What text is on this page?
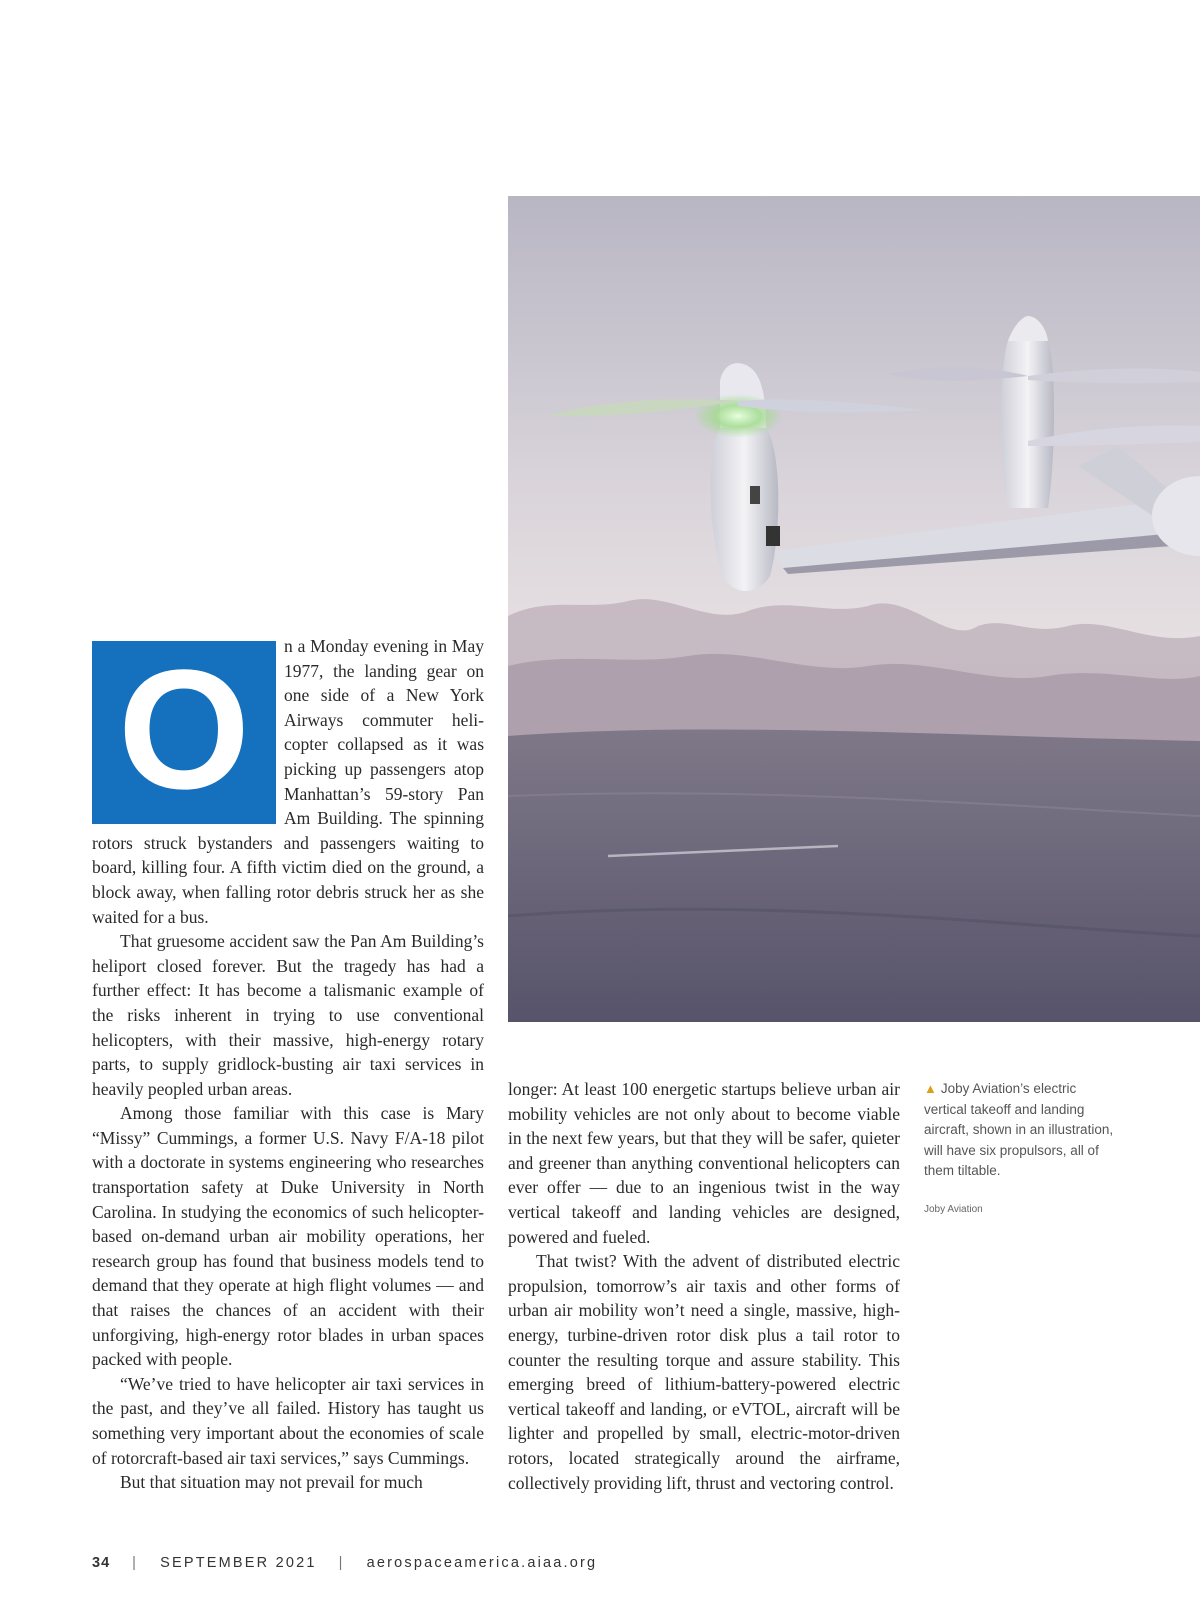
O	n a Monday evening in May 1977, the landing gear on one side of a New York Airways commuter helicopter collapsed as it was picking up passengers atop Manhattan’s 59-story Pan Am Building. The spinning rotors struck bystanders and passengers waiting to board, killing four. A fifth victim died on the ground, a block away, when falling rotor debris struck her as she waited for a bus.

That gruesome accident saw the Pan Am Building’s heliport closed forever. But the tragedy has had a further effect: It has become a talismanic example of the risks inherent in trying to use conventional helicopters, with their massive, high-energy rotary parts, to supply gridlock-busting air taxi services in heavily peopled urban areas.

Among those familiar with this case is Mary “Missy” Cummings, a former U.S. Navy F/A-18 pilot with a doctorate in systems engineering who researches transportation safety at Duke University in North Carolina. In studying the economics of such helicopter-based on-demand urban air mobility operations, her research group has found that business models tend to demand that they operate at high flight volumes — and that raises the chances of an accident with their unforgiving, high-energy rotor blades in urban spaces packed with people.

“We’ve tried to have helicopter air taxi services in the past, and they’ve all failed. History has taught us something very important about the economies of scale of rotorcraft-based air taxi services,” says Cummings.

But that situation may not prevail for much

longer: At least 100 energetic startups believe urban air mobility vehicles are not only about to become viable in the next few years, but that they will be safer, quieter and greener than anything conventional helicopters can ever offer — due to an ingenious twist in the way vertical takeoff and landing vehicles are designed, powered and fueled.

That twist? With the advent of distributed electric propulsion, tomorrow’s air taxis and other forms of urban air mobility won’t need a single, massive, high-energy, turbine-driven rotor disk plus a tail rotor to counter the resulting torque and assure stability. This emerging breed of lithium-battery-powered electric vertical takeoff and landing, or eVTOL, aircraft will be lighter and propelled by small, electric-motor-driven rotors, located strategically around the airframe, collectively providing lift, thrust and vectoring control.

▲ Joby Aviation’s electric vertical takeoff and landing aircraft, shown in an illustration, will have six propulsors, all of them tiltable.
Joby Aviation
34 | SEPTEMBER 2021 | aerospaceamerica.aiaa.org
